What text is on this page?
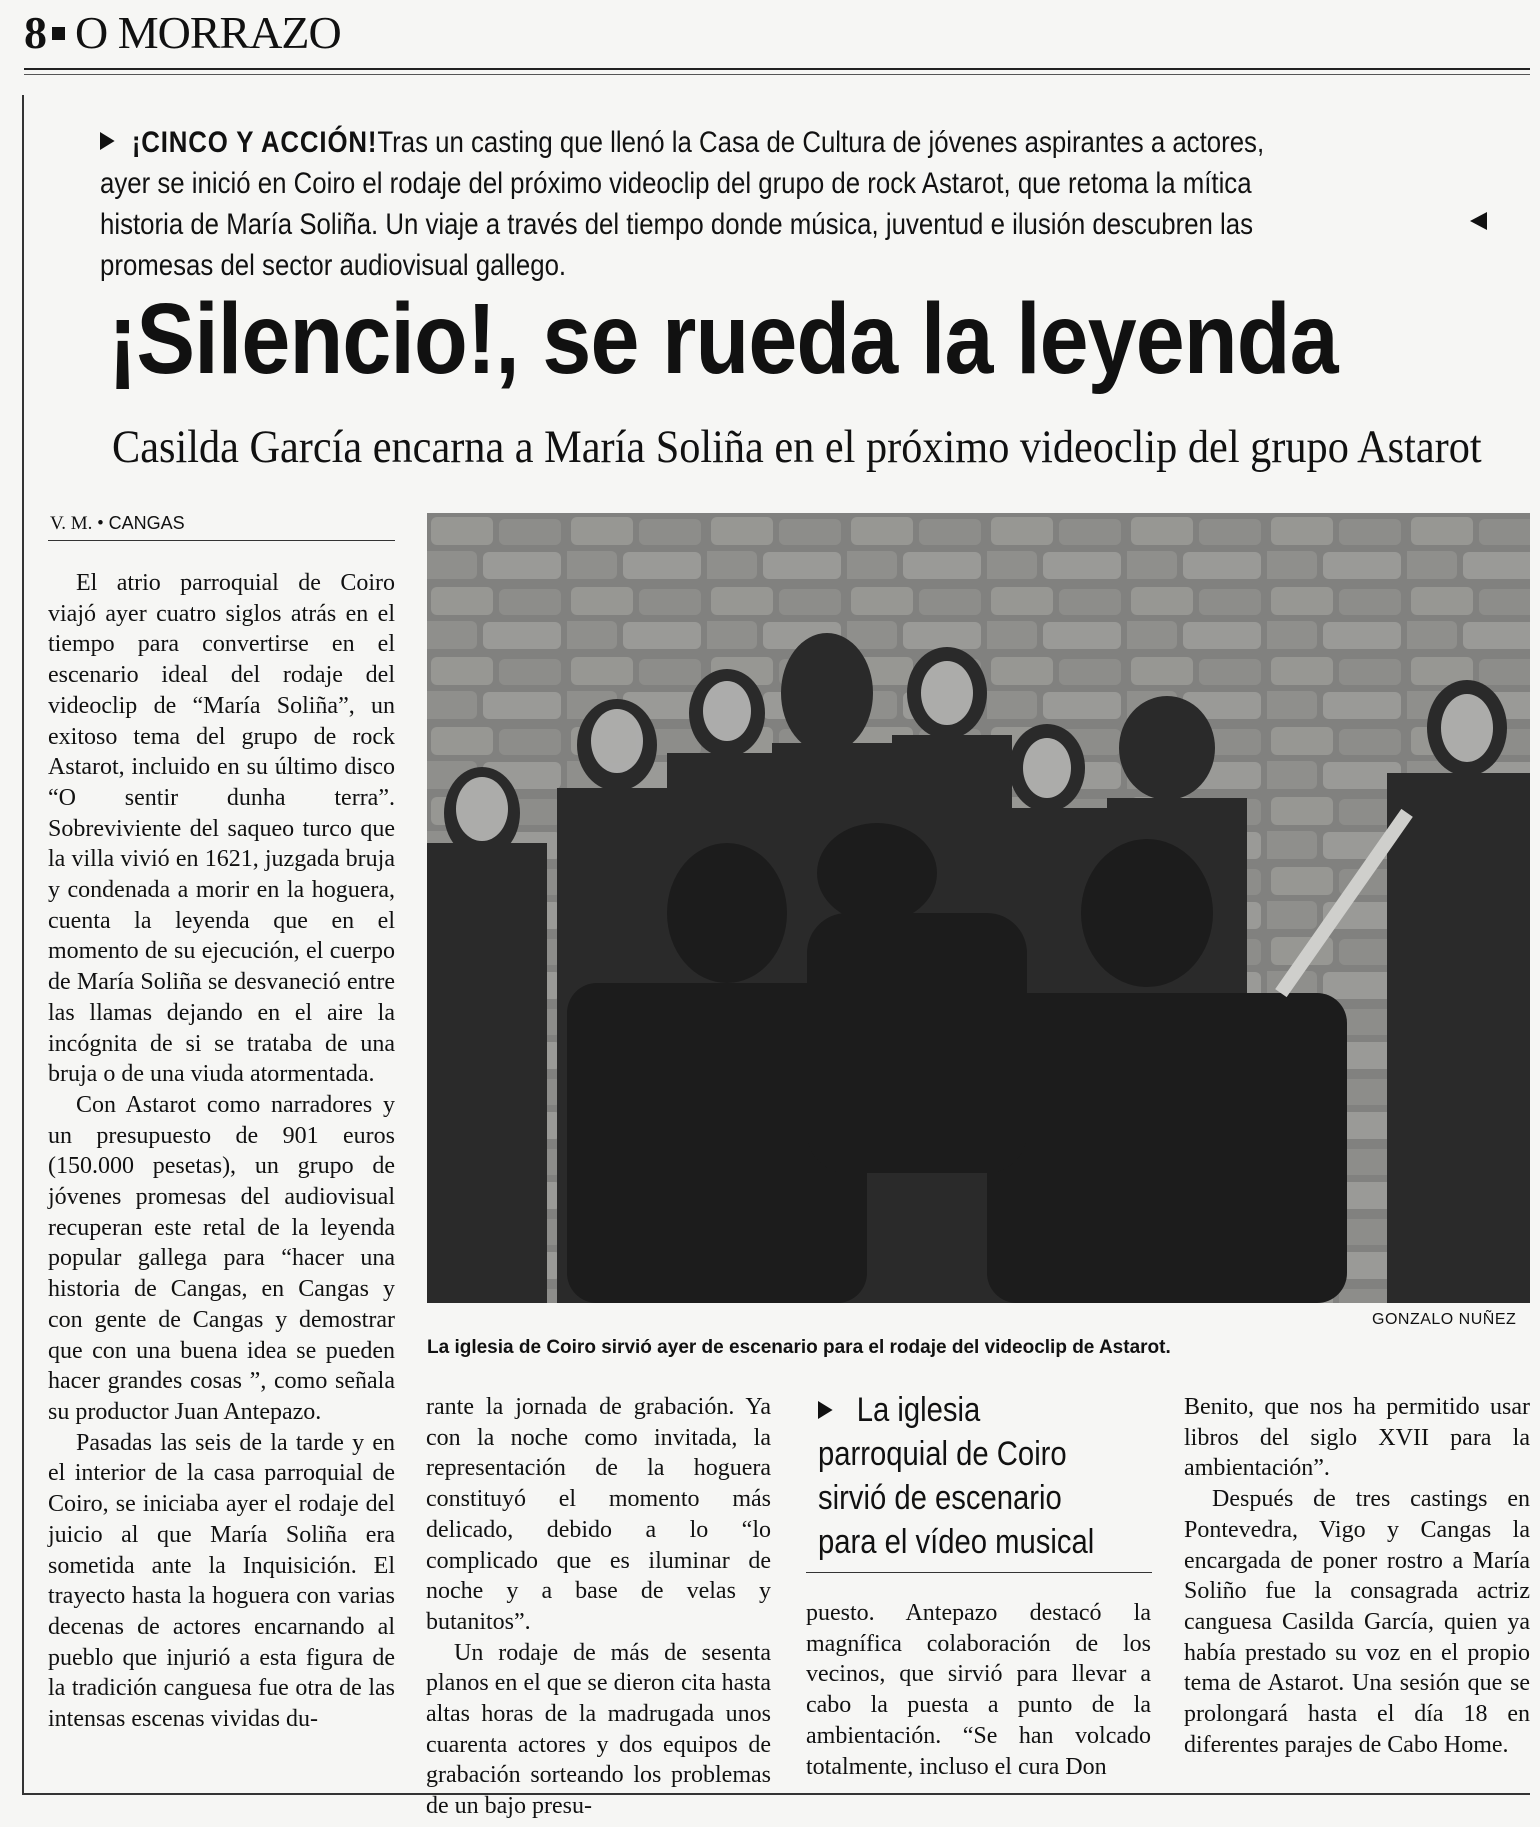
8 O MORRAZO
¡CINCO Y ACCIÓN!Tras un casting que llenó la Casa de Cultura de jóvenes aspirantes a actores, ayer se inició en Coiro el rodaje del próximo videoclip del grupo de rock Astarot, que retoma la mítica historia de María Soliña. Un viaje a través del tiempo donde música, juventud e ilusión descubren las promesas del sector audiovisual gallego.
¡Silencio!, se rueda la leyenda
Casilda García encarna a María Soliña en el próximo videoclip del grupo Astarot
V. M. • CANGAS

El atrio parroquial de Coiro viajó ayer cuatro siglos atrás en el tiempo para convertirse en el escenario ideal del rodaje del videoclip de “María Soliña”, un exitoso tema del grupo de rock Astarot, incluido en su último disco “O sentir dunha terra”. Sobreviviente del saqueo turco que la villa vivió en 1621, juzgada bruja y condenada a morir en la hoguera, cuenta la leyenda que en el momento de su ejecución, el cuerpo de María Soliña se desvaneció entre las llamas dejando en el aire la incógnita de si se trataba de una bruja o de una viuda atormentada.

Con Astarot como narradores y un presupuesto de 901 euros (150.000 pesetas), un grupo de jóvenes promesas del audiovisual recuperan este retal de la leyenda popular gallega para “hacer una historia de Cangas, en Cangas y con gente de Cangas y demostrar que con una buena idea se pueden hacer grandes cosas ”, como señala su productor Juan Antepazo.

Pasadas las seis de la tarde y en el interior de la casa parroquial de Coiro, se iniciaba ayer el rodaje del juicio al que María Soliña era sometida ante la Inquisición. El trayecto hasta la hoguera con varias decenas de actores encarnando al pueblo que injurió a esta figura de la tradición canguesa fue otra de las intensas escenas vividas du-

GONZALO NUÑEZ
La iglesia de Coiro sirvió ayer de escenario para el rodaje del videoclip de Astarot.

rante la jornada de grabación. Ya con la noche como invitada, la representación de la hoguera constituyó el momento más delicado, debido a lo “lo complicado que es iluminar de noche y a base de velas y butanitos”.

Un rodaje de más de sesenta planos en el que se dieron cita hasta altas horas de la madrugada unos cuarenta actores y dos equipos de grabación sorteando los problemas de un bajo presu-

La iglesia parroquial de Coiro sirvió de escenario para el vídeo musical

puesto. Antepazo destacó la magnífica colaboración de los vecinos, que sirvió para llevar a cabo la puesta a punto de la ambientación. “Se han volcado totalmente, incluso el cura Don

Benito, que nos ha permitido usar libros del siglo XVII para la ambientación”.

Después de tres castings en Pontevedra, Vigo y Cangas la encargada de poner rostro a María Soliño fue la consagrada actriz canguesa Casilda García, quien ya había prestado su voz en el propio tema de Astarot. Una sesión que se prolongará hasta el día 18 en diferentes parajes de Cabo Home.
